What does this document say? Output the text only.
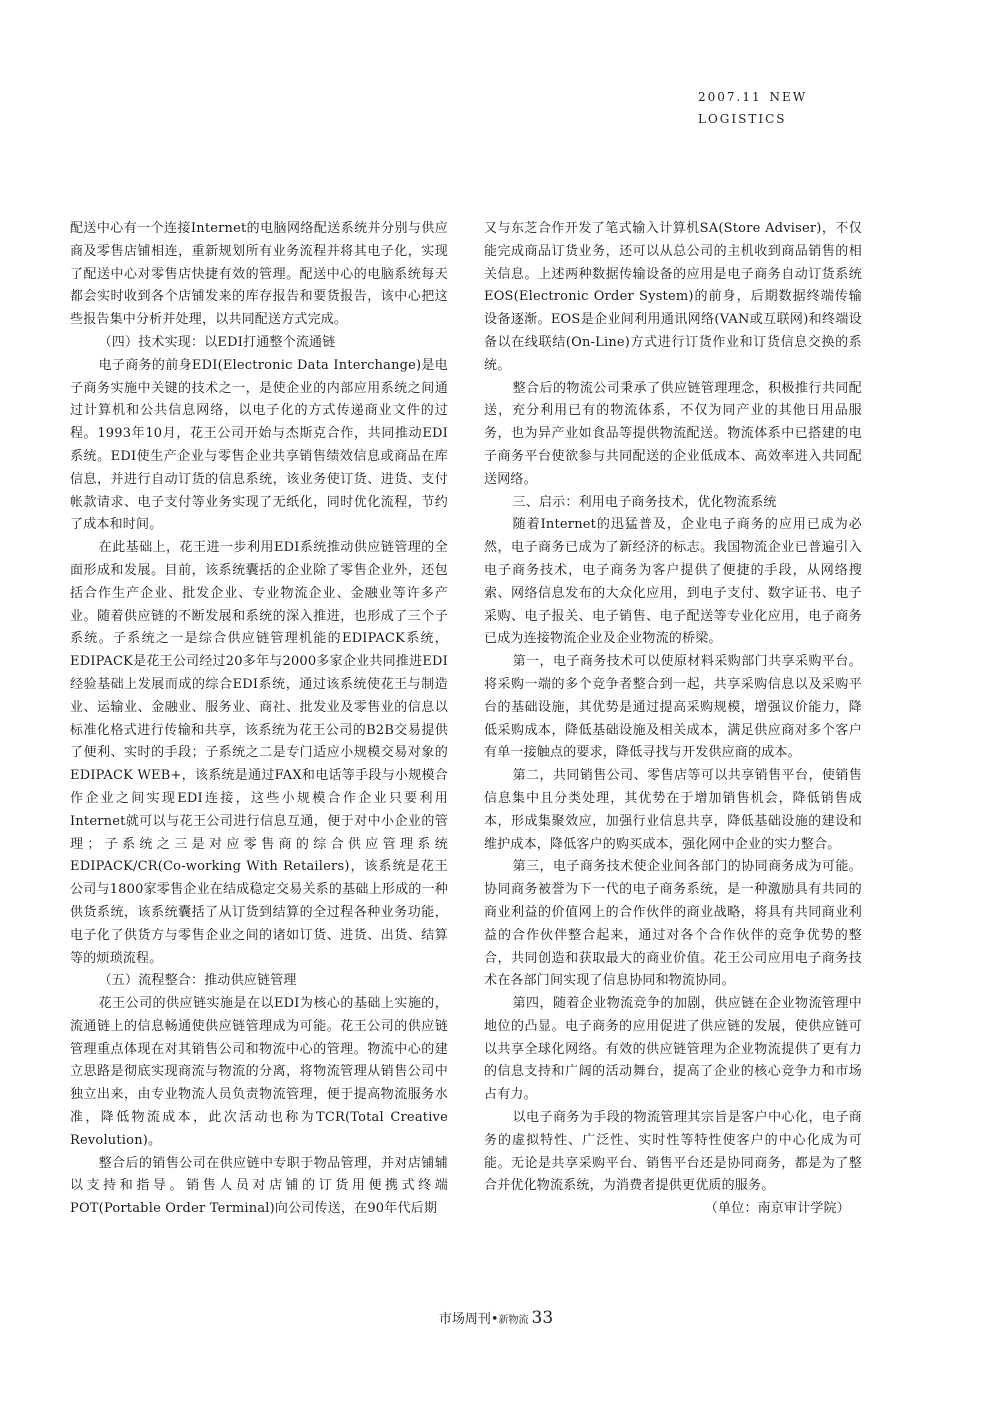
2007.11 NEW
LOGISTICS

配送中心有一个连接Internet的电脑网络配送系统并分别与供应商及零售店铺相连，重新规划所有业务流程并将其电子化，实现了配送中心对零售店快捷有效的管理。配送中心的电脑系统每天都会实时收到各个店铺发来的库存报告和要货报告，该中心把这些报告集中分析并处理，以共同配送方式完成。

（四）技术实现：以EDI打通整个流通链

电子商务的前身EDI(Electronic Data Interchange)是电子商务实施中关键的技术之一，是使企业的内部应用系统之间通过计算机和公共信息网络，以电子化的方式传递商业文件的过程。1993年10月，花王公司开始与杰斯克合作，共同推动EDI系统。EDI使生产企业与零售企业共享销售绩效信息或商品在库信息，并进行自动订货的信息系统，该业务使订货、进货、支付帐款请求、电子支付等业务实现了无纸化，同时优化流程，节约了成本和时间。

在此基础上，花王进一步利用EDI系统推动供应链管理的全面形成和发展。目前，该系统囊括的企业除了零售企业外，还包括合作生产企业、批发企业、专业物流企业、金融业等许多产业。随着供应链的不断发展和系统的深入推进，也形成了三个子系统。子系统之一是综合供应链管理机能的EDIPACK系统，EDIPACK是花王公司经过20多年与2000多家企业共同推进EDI经验基础上发展而成的综合EDI系统，通过该系统使花王与制造业、运输业、金融业、服务业、商社、批发业及零售业的信息以标准化格式进行传输和共享，该系统为花王公司的B2B交易提供了便利、实时的手段；子系统之二是专门适应小规模交易对象的EDIPACK WEB+，该系统是通过FAX和电话等手段与小规模合作企业之间实现EDI连接，这些小规模合作企业只要利用Internet就可以与花王公司进行信息互通，便于对中小企业的管理；子系统之三是对应零售商的综合供应管理系统EDIPACK/CR(Co-working With Retailers)，该系统是花王公司与1800家零售企业在结成稳定交易关系的基础上形成的一种供货系统，该系统囊括了从订货到结算的全过程各种业务功能，电子化了供货方与零售企业之间的诸如订货、进货、出货、结算等的烦琐流程。

（五）流程整合：推动供应链管理

花王公司的供应链实施是在以EDI为核心的基础上实施的，流通链上的信息畅通使供应链管理成为可能。花王公司的供应链管理重点体现在对其销售公司和物流中心的管理。物流中心的建立思路是彻底实现商流与物流的分离，将物流管理从销售公司中独立出来，由专业物流人员负责物流管理，便于提高物流服务水准，降低物流成本，此次活动也称为TCR(Total Creative Revolution)。

整合后的销售公司在供应链中专职于物品管理，并对店铺辅以支持和指导。销售人员对店铺的订货用便携式终端POT(Portable Order Terminal)向公司传送，在90年代后期

又与东芝合作开发了笔式输入计算机SA(Store Adviser)，不仅能完成商品订货业务，还可以从总公司的主机收到商品销售的相关信息。上述两种数据传输设备的应用是电子商务自动订货系统EOS(Electronic Order System)的前身，后期数据终端传输设备逐渐。EOS是企业间利用通讯网络(VAN或互联网)和终端设备以在线联结(On-Line)方式进行订货作业和订货信息交换的系统。

整合后的物流公司秉承了供应链管理理念，积极推行共同配送，充分利用已有的物流体系，不仅为同产业的其他日用品服务，也为异产业如食品等提供物流配送。物流体系中已搭建的电子商务平台使欲参与共同配送的企业低成本、高效率进入共同配送网络。

三、启示：利用电子商务技术，优化物流系统

随着Internet的迅猛普及，企业电子商务的应用已成为必然，电子商务已成为了新经济的标志。我国物流企业已普遍引入电子商务技术，电子商务为客户提供了便捷的手段，从网络搜索、网络信息发布的大众化应用，到电子支付、数字证书、电子采购、电子报关、电子销售、电子配送等专业化应用，电子商务已成为连接物流企业及企业物流的桥梁。

第一，电子商务技术可以使原材料采购部门共享采购平台。将采购一端的多个竞争者整合到一起，共享采购信息以及采购平台的基础设施，其优势是通过提高采购规模，增强议价能力，降低采购成本，降低基础设施及相关成本，满足供应商对多个客户有单一接触点的要求，降低寻找与开发供应商的成本。

第二，共同销售公司、零售店等可以共享销售平台，使销售信息集中且分类处理，其优势在于增加销售机会，降低销售成本，形成集聚效应，加强行业信息共享，降低基础设施的建设和维护成本，降低客户的购买成本，强化网中企业的实力整合。

第三，电子商务技术使企业间各部门的协同商务成为可能。协同商务被誉为下一代的电子商务系统，是一种激励具有共同的商业利益的价值网上的合作伙伴的商业战略，将具有共同商业利益的合作伙伴整合起来，通过对各个合作伙伴的竞争优势的整合，共同创造和获取最大的商业价值。花王公司应用电子商务技术在各部门间实现了信息协同和物流协同。

第四，随着企业物流竞争的加剧，供应链在企业物流管理中地位的凸显。电子商务的应用促进了供应链的发展，使供应链可以共享全球化网络。有效的供应链管理为企业物流提供了更有力的信息支持和广阔的活动舞台，提高了企业的核心竞争力和市场占有力。

以电子商务为手段的物流管理其宗旨是客户中心化，电子商务的虚拟特性、广泛性、实时性等特性使客户的中心化成为可能。无论是共享采购平台、销售平台还是协同商务，都是为了整合并优化物流系统，为消费者提供更优质的服务。

（单位：南京审计学院）

市场周刊•新物流 33
